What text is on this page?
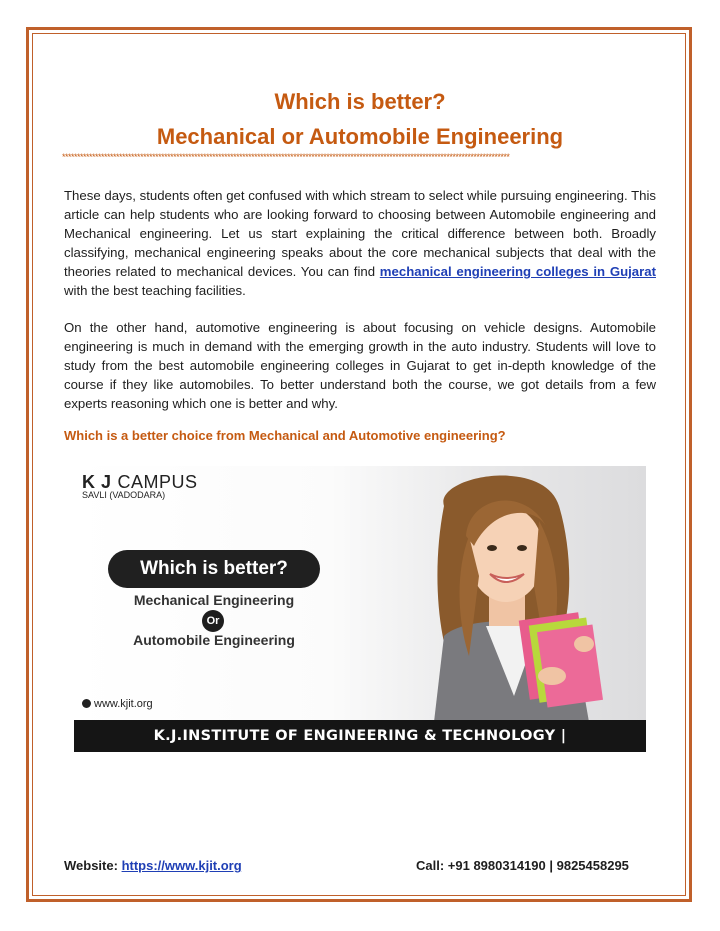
Which is better?
Mechanical or Automobile Engineering
*****************************************************************************************************************************************************

These days, students often get confused with which stream to select while pursuing engineering. This article can help students who are looking forward to choosing between Automobile engineering and Mechanical engineering. Let us start explaining the critical difference between both. Broadly classifying, mechanical engineering speaks about the core mechanical subjects that deal with the theories related to mechanical devices. You can find mechanical engineering colleges in Gujarat with the best teaching facilities.

On the other hand, automotive engineering is about focusing on vehicle designs. Automobile engineering is much in demand with the emerging growth in the auto industry. Students will love to study from the best automobile engineering colleges in Gujarat to get in-depth knowledge of the course if they like automobiles. To better understand both the course, we got details from a few experts reasoning which one is better and why.

Which is a better choice from Mechanical and Automotive engineering?
K J CAMPUS
SAVLI (VADODARA)
Which is better?
Mechanical Engineering
Or
Automobile Engineering
www.kjit.org
K.J.INSTITUTE OF ENGINEERING & TECHNOLOGY | S.B.POLYTECHNIC, SAVLI
Website: https://www.kjit.org	Call: +91 8980314190 | 9825458295
